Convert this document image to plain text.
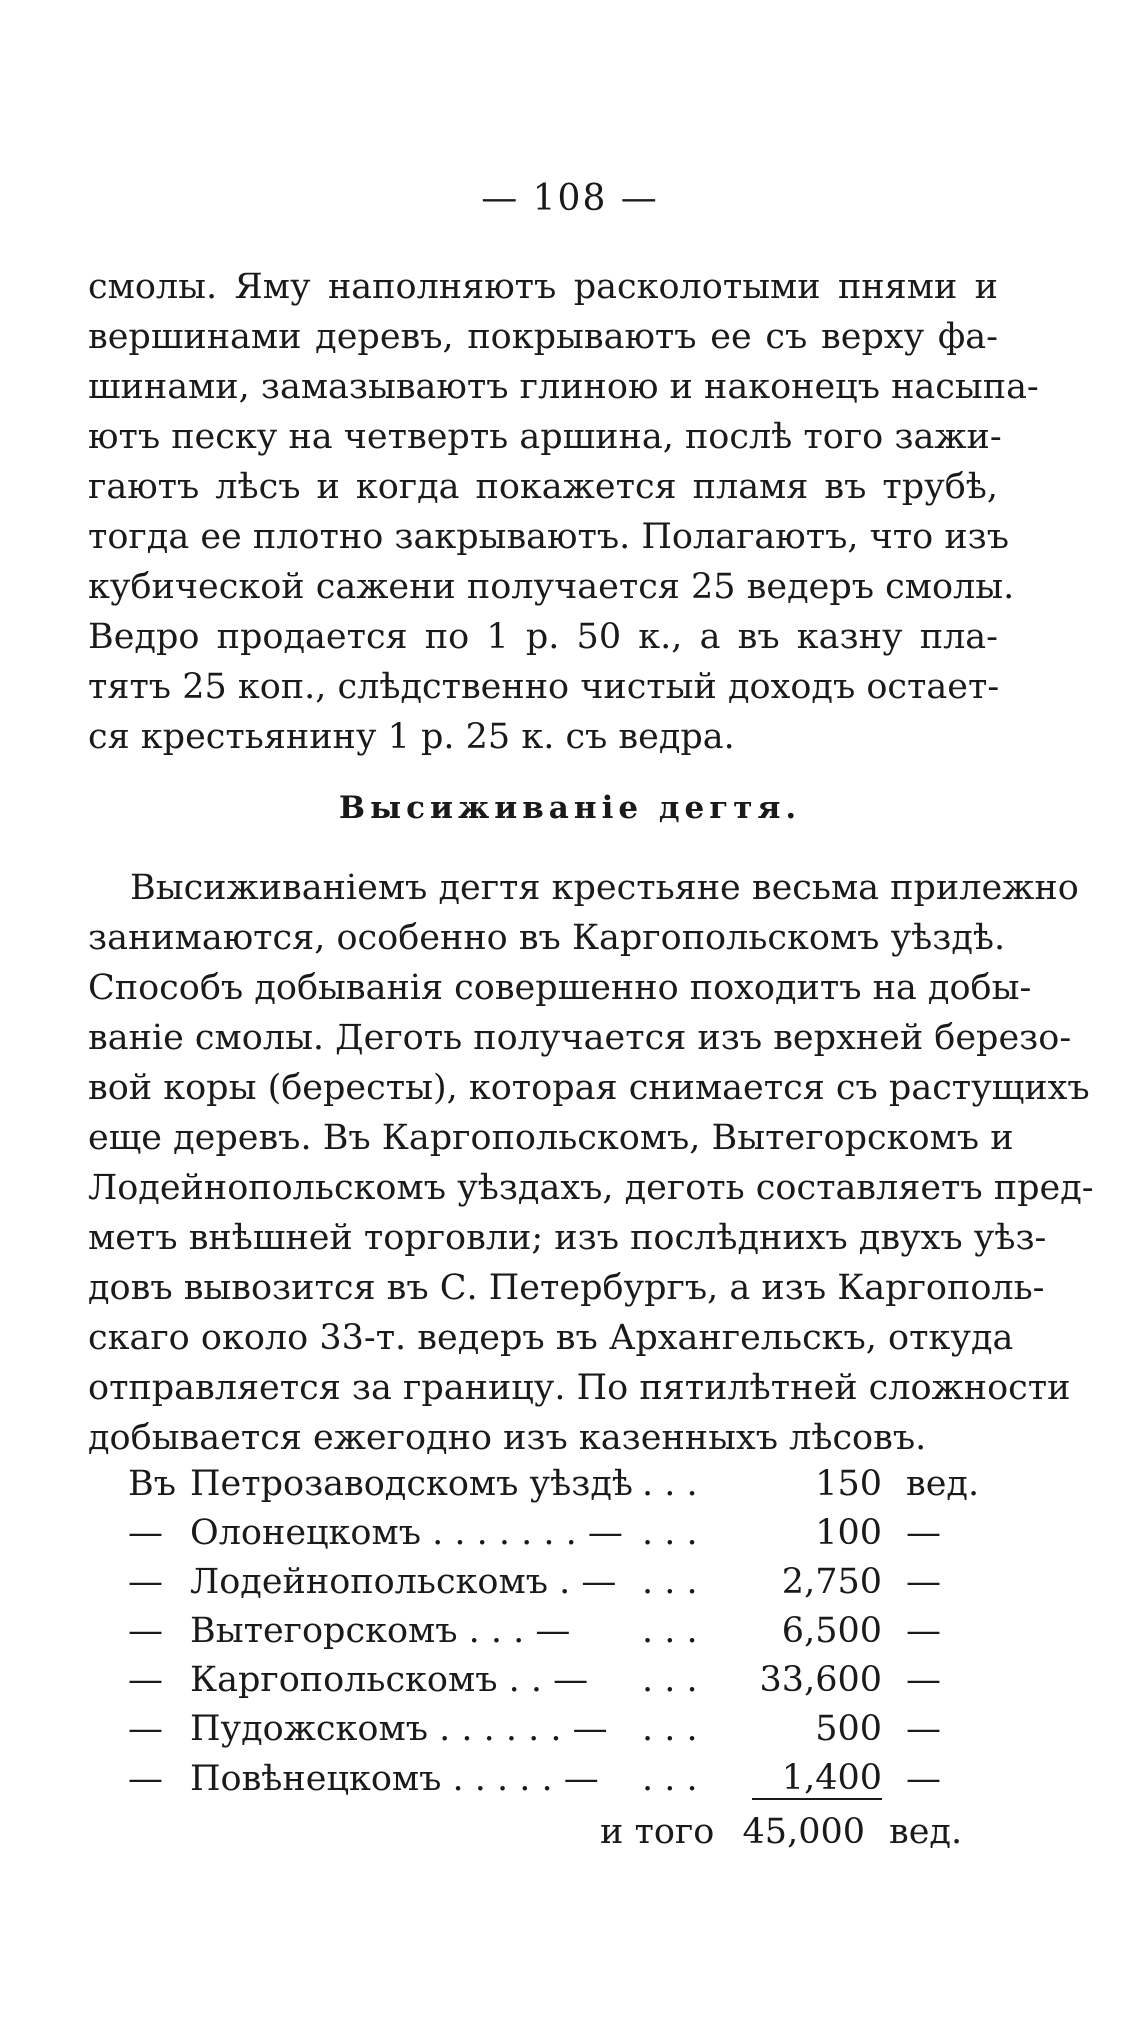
— 108 —
смолы. Яму наполняютъ расколотыми пнями и
вершинами деревъ, покрываютъ ее съ верху фа-
шинами, замазываютъ глиною и наконецъ насыпа-
ютъ песку на четверть аршина, послѣ того зажи-
гаютъ лѣсъ и когда покажется пламя въ трубѣ,
тогда ее плотно закрываютъ. Полагаютъ, что изъ
кубической сажени получается 25 ведеръ смолы.
Ведро продается по 1 р. 50 к., а въ казну пла-
тятъ 25 коп., слѣдственно чистый доходъ остает-
ся крестьянину 1 р. 25 к. съ ведра.
Высиживаніе дегтя.
Высиживаніемъ дегтя крестьяне весьма прилежно
занимаются, особенно въ Каргопольскомъ уѣздѣ.
Способъ добыванія совершенно походитъ на добы-
ваніе смолы. Деготь получается изъ верхней березо-
вой коры (бересты), которая снимается съ растущихъ
еще деревъ. Въ Каргопольскомъ, Вытегорскомъ и
Лодейнопольскомъ уѣздахъ, деготь составляетъ пред-
метъ внѣшней торговли; изъ послѣднихъ двухъ уѣз-
довъ вывозится въ С. Петербургъ, а изъ Каргополь-
скаго около 33-т. ведеръ въ Архангельскъ, откуда
отправляется за границу. По пятилѣтней сложности
добывается ежегодно изъ казенныхъ лѣсовъ.
Въ	Петрозаводскомъ уѣздѣ	. . .	150	вед.
—	Олонецкомъ . . . . . . . —	. . .	100	—
—	Лодейнопольскомъ . —	. . .	2,750	—
—	Вытегорскомъ . . . —	. . .	6,500	—
—	Каргопольскомъ . . —	. . .	33,600	—
—	Пудожскомъ . . . . . . —	. . .	500	—
—	Повѣнецкомъ . . . . . —	. . .	1,400	—
и того 45,000 вед.
